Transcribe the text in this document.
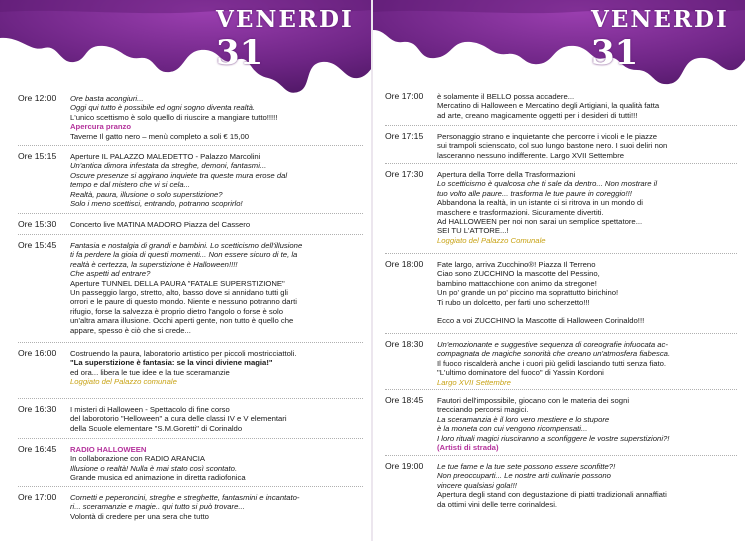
VENERDI 31
Ore 12:00	Ore basta acongiuri...

Oggi qui tutto è possibile ed ogni sogno diventa realtà.

L'unico scettismo è solo quello di riuscire a mangiare tutto!!!!!

Apercura pranzo

Taverne Il gatto nero – menù completo a soli € 15,00

Ore 15:15	Aperture IL PALAZZO MALEDETTO - Palazzo Marcolini

Un'antica dimora infestata da streghe, demoni, fantasmi...

Oscure presenze si aggirano inquiete tra queste mura erose dal

tempo e dal mistero che vi si cela...

Realtà, paura, illusione o solo superstizione?

Solo i meno scettisci, entrando, potranno scoprirlo!

Ore 15:30	Concerto live MATINA MADORO Piazza del Cassero

Ore 15:45	Fantasia e nostalgia di grandi e bambini. Lo scetticismo dell'illusione

ti fa perdere la gioia di questi momenti... Non essere sicuro di te, la

realtà è certezza, la superstizione è Halloween!!!!

Che aspetti ad entrare?

Aperture TUNNEL DELLA PAURA "FATALE SUPERSTIZIONE"

Un passeggio largo, stretto, alto, basso dove si annidano tutti gli

orrori e le paure di questo mondo. Niente e nessuno potranno darti

rifugio, forse la salvezza è proprio dietro l'angolo o forse è solo

un'altra amara illusione. Occhi aperti gente, non tutto è quello che

appare, spesso è ciò che si crede...

Ore 16:00	Costruendo la paura, laboratorio artistico per piccoli mostricciattoli.

"La superstizione è fantasia: se la vinci diviene magia!"

ed ora... libera le tue idee e la tue sceramanzie

Loggiato del Palazzo comunale

Ore 16:30	I misteri di Halloween - Spettacolo di fine corso

del laborotorio "Helloween" a cura delle classi IV e V elementari

della Scuole elementare "S.M.Goretti" di Corinaldo

Ore 16:45	RADIO HALLOWEEN

In collaborazione con RADIO ARANCIA

Illusione o realtà! Nulla è mai stato così scontato.

Grande musica ed animazione in diretta radiofonica

Ore 17:00	Cornetti e peperoncini, streghe e streghette, fantasmini e incantato-

ri... sceramanzie e magie.. qui tutto si può trovare...

Volontà di credere per una sera che tutto

VENERDI 31
Ore 17:00	è solamente il BELLO possa accadere...

Mercatino di Halloween e Mercatino degli Artigiani, la qualità fatta

ad arte, creano magicamente oggetti per i desideri di tutti!!!

Ore 17:15	Personaggio strano e inquietante che percorre i vicoli e le piazze

sui trampoli scienscato, col suo lungo bastone nero. I suoi deliri non

lasceranno nessuno indifferente. Largo XVII Settembre

Ore 17:30	Apertura della Torre della Trasformazioni

Lo scetticismo è qualcosa che ti sale da dentro... Non mostrare il

tuo volto alle paure... trasforma le tue paure in coreggio!!!

Abbandona la realtà, in un istante ci si ritrova in un mondo di

maschere e trasformazioni. Sicuramente divertiti.

Ad HALLOWEEN per noi non sarai un semplice spettatore...

SEI TU L'ATTORE...!

Loggiato del Palazzo Comunale

Ore 18:00	Fate largo, arriva Zucchino®! Piazza Il Terreno

Ciao sono ZUCCHINO la mascotte del Pessino,

bambino mattacchione con animo da stregone!

Un po' grande un po' piccino ma soprattutto birichino!

Ti rubo un dolcetto, per farti uno scherzetto!!!

Ecco a voi ZUCCHINO la Mascotte di Halloween Corinaldo!!!

Ore 18:30	Un'emozionante e suggestive sequenza di coreografie infuocata ac-

compagnata de magiche sonorità che creano un'atmosfera fiabesca.

Il fuoco riscalderà anche i cuori più gelidi lasciando tutti senza fiato.

"L'ultimo dominatore del fuoco" di Yassin Kordoni

Largo XVII Settembre

Ore 18:45	Fautori dell'impossibile, giocano con le materia dei sogni

trecciando percorsi magici.

La sceramanzia è il loro vero mestiere e lo stupore

è la moneta con cui vengono ricompensati...

I loro rituali magici riusciranno a sconfiggere le vostre superstizioni?!

(Artisti di strada)

Ore 19:00	Le tue fame e la tue sete possono essere sconfitte?!

Non preoccuparti... Le nostre arti culinarie possono

vincere qualsiasi gola!!!

Apertura degli stand con degustazione di piatti tradizionali annaffiati

da ottimi vini delle terre corinaldesi.
